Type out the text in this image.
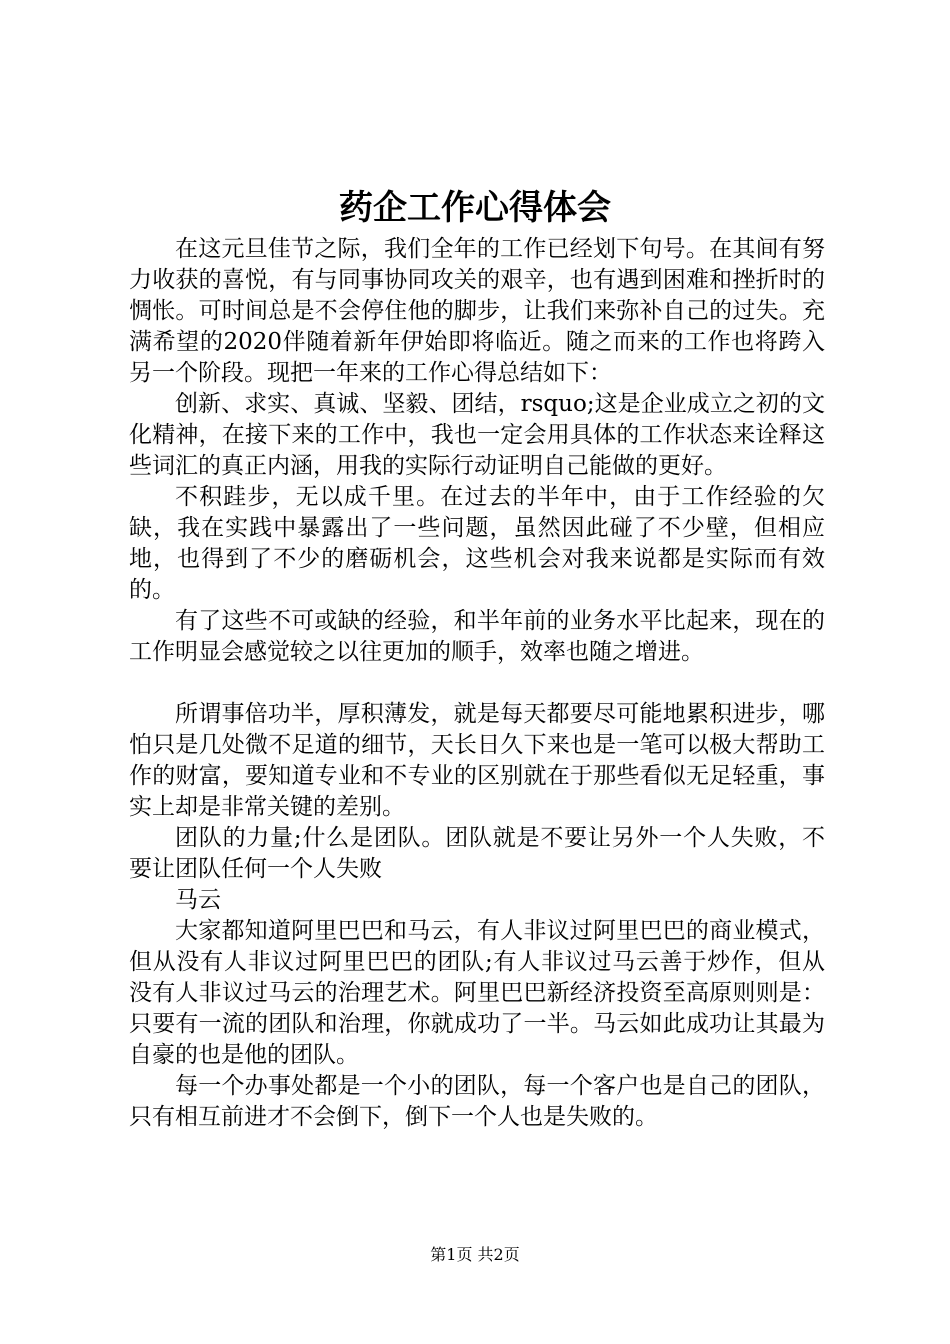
药企工作心得体会

在这元旦佳节之际，我们全年的工作已经划下句号。在其间有努力收获的喜悦，有与同事协同攻关的艰辛，也有遇到困难和挫折时的惆怅。可时间总是不会停住他的脚步，让我们来弥补自己的过失。充满希望的2020伴随着新年伊始即将临近。随之而来的工作也将跨入另一个阶段。现把一年来的工作心得总结如下：

创新、求实、真诚、坚毅、团结，rsquo;这是企业成立之初的文化精神，在接下来的工作中，我也一定会用具体的工作状态来诠释这些词汇的真正内涵，用我的实际行动证明自己能做的更好。

不积跬步，无以成千里。在过去的半年中，由于工作经验的欠缺，我在实践中暴露出了一些问题，虽然因此碰了不少壁，但相应地，也得到了不少的磨砺机会，这些机会对我来说都是实际而有效的。

有了这些不可或缺的经验，和半年前的业务水平比起来，现在的工作明显会感觉较之以往更加的顺手，效率也随之增进。

所谓事倍功半，厚积薄发，就是每天都要尽可能地累积进步，哪怕只是几处微不足道的细节，天长日久下来也是一笔可以极大帮助工作的财富，要知道专业和不专业的区别就在于那些看似无足轻重，事实上却是非常关键的差别。

团队的力量;什么是团队。团队就是不要让另外一个人失败，不要让团队任何一个人失败

马云

大家都知道阿里巴巴和马云，有人非议过阿里巴巴的商业模式，但从没有人非议过阿里巴巴的团队;有人非议过马云善于炒作，但从没有人非议过马云的治理艺术。阿里巴巴新经济投资至高原则则是：只要有一流的团队和治理，你就成功了一半。马云如此成功让其最为自豪的也是他的团队。

每一个办事处都是一个小的团队，每一个客户也是自己的团队，只有相互前进才不会倒下，倒下一个人也是失败的。

第1页 共2页
